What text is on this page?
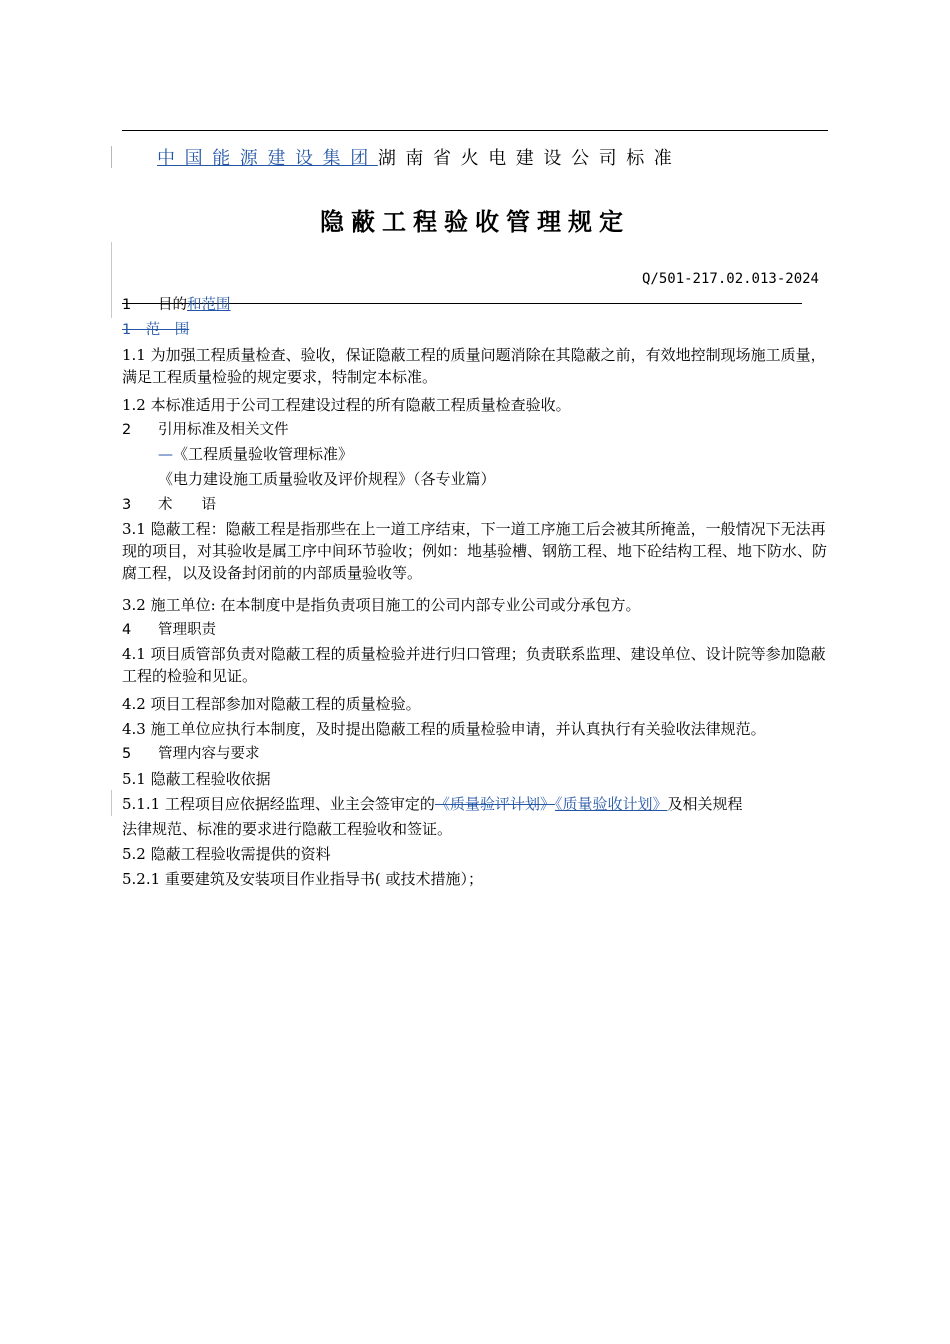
中国能源建设集团湖南省火电建设公司标准
隐蔽工程验收管理规定
Q/501-217.02.013-2024
1 目的和范围
1　范　围
1.1 为加强工程质量检查、验收，保证隐蔽工程的质量问题消除在其隐蔽之前，有效地控制现场施工质量，满足工程质量检验的规定要求，特制定本标准。
1.2 本标准适用于公司工程建设过程的所有隐蔽工程质量检查验收。
2 引用标准及相关文件
—《工程质量验收管理标准》
《电力建设施工质量验收及评价规程》（各专业篇）
3 术　　语
3.1 隐蔽工程：隐蔽工程是指那些在上一道工序结束，下一道工序施工后会被其所掩盖，一般情况下无法再现的项目，对其验收是属工序中间环节验收；例如：地基验槽、钢筋工程、地下砼结构工程、地下防水、防腐工程，以及设备封闭前的内部质量验收等。
3.2 施工单位: 在本制度中是指负责项目施工的公司内部专业公司或分承包方。
4 管理职责
4.1 项目质管部负责对隐蔽工程的质量检验并进行归口管理；负责联系监理、建设单位、设计院等参加隐蔽工程的检验和见证。
4.2 项目工程部参加对隐蔽工程的质量检验。
4.3 施工单位应执行本制度，及时提出隐蔽工程的质量检验申请，并认真执行有关验收法律规范。
5 管理内容与要求
5.1 隐蔽工程验收依据
5.1.1 工程项目应依据经监理、业主会签审定的《质量验评计划》《质量验收计划》及相关规程
法律规范、标准的要求进行隐蔽工程验收和签证。
5.2 隐蔽工程验收需提供的资料
5.2.1 重要建筑及安装项目作业指导书( 或技术措施）；
